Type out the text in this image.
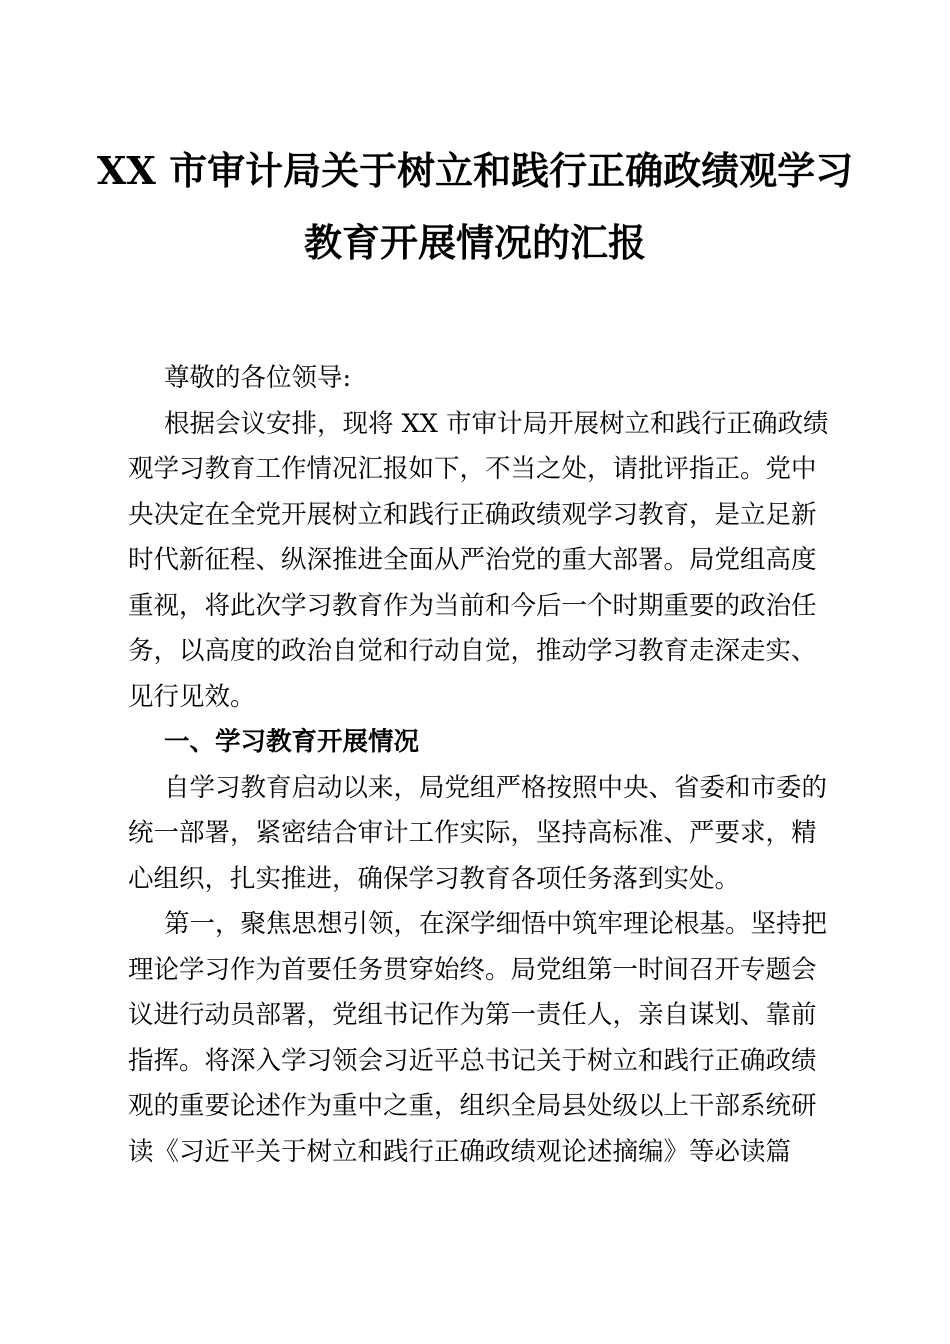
XX 市审计局关于树立和践行正确政绩观学习
教育开展情况的汇报
尊敬的各位领导:
根据会议安排，现将 XX 市审计局开展树立和践行正确政绩
观学习教育工作情况汇报如下，不当之处，请批评指正。党中
央决定在全党开展树立和践行正确政绩观学习教育，是立足新
时代新征程、纵深推进全面从严治党的重大部署。局党组高度
重视，将此次学习教育作为当前和今后一个时期重要的政治任
务，以高度的政治自觉和行动自觉，推动学习教育走深走实、
见行见效。
一、学习教育开展情况
自学习教育启动以来，局党组严格按照中央、省委和市委的
统一部署，紧密结合审计工作实际，坚持高标准、严要求，精
心组织，扎实推进，确保学习教育各项任务落到实处。
第一，聚焦思想引领，在深学细悟中筑牢理论根基。坚持把
理论学习作为首要任务贯穿始终。局党组第一时间召开专题会
议进行动员部署，党组书记作为第一责任人，亲自谋划、靠前
指挥。将深入学习领会习近平总书记关于树立和践行正确政绩
观的重要论述作为重中之重，组织全局县处级以上干部系统研
读《习近平关于树立和践行正确政绩观论述摘编》等必读篇
